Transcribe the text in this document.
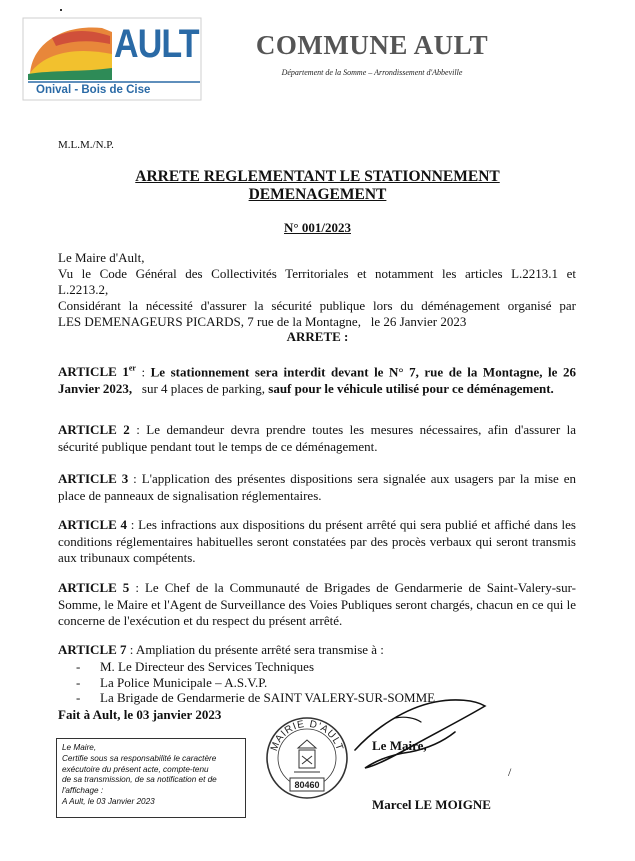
AULT
Onival - Bois de Cise
COMMUNE AULT
Département de la Somme – Arrondissement d'Abbeville
M.L.M./N.P.
ARRETE REGLEMENTANT LE STATIONNEMENT
DEMENAGEMENT
N° 001/2023
Le Maire d'Ault,
Vu le Code Général des Collectivités Territoriales et notamment les articles L.2213.1 et
L.2213.2,
Considérant la nécessité d'assurer la sécurité publique lors du déménagement organisé par
LES DEMENAGEURS PICARDS, 7 rue de la Montagne,   le 26 Janvier 2023
ARRETE :
ARTICLE 1er : Le stationnement sera interdit devant le N° 7, rue de la Montagne, le 26 Janvier 2023,   sur 4 places de parking, sauf pour le véhicule utilisé pour ce déménagement.
ARTICLE 2 : Le demandeur devra prendre toutes les mesures nécessaires, afin d'assurer la sécurité publique pendant tout le temps de ce déménagement.
ARTICLE 3 : L'application des présentes dispositions sera signalée aux usagers par la mise en place de panneaux de signalisation réglementaires.
ARTICLE 4 : Les infractions aux dispositions du présent arrêté qui sera publié et affiché dans les conditions réglementaires habituelles seront constatées par des procès verbaux qui seront transmis aux tribunaux compétents.
ARTICLE 5 : Le Chef de la Communauté de Brigades de Gendarmerie de Saint-Valery-sur-Somme, le Maire et l'Agent de Surveillance des Voies Publiques seront chargés, chacun en ce qui le concerne de l'exécution et du respect du présent arrêté.
ARTICLE 7 : Ampliation du présente arrêté sera transmise à :
- M. Le Directeur des Services Techniques
- La Police Municipale – A.S.V.P.
- La Brigade de Gendarmerie de SAINT VALERY-SUR-SOMME
Fait à Ault, le 03 janvier 2023
Le Maire,
Certifie sous sa responsabilité le caractère
exécutoire du présent acte, compte-tenu
de sa transmission, de sa notification et de
l'affichage :
A Ault, le 03 Janvier 2023
MAIRIE D'AULT
80460
Le Maire,
/
Marcel LE MOIGNE
